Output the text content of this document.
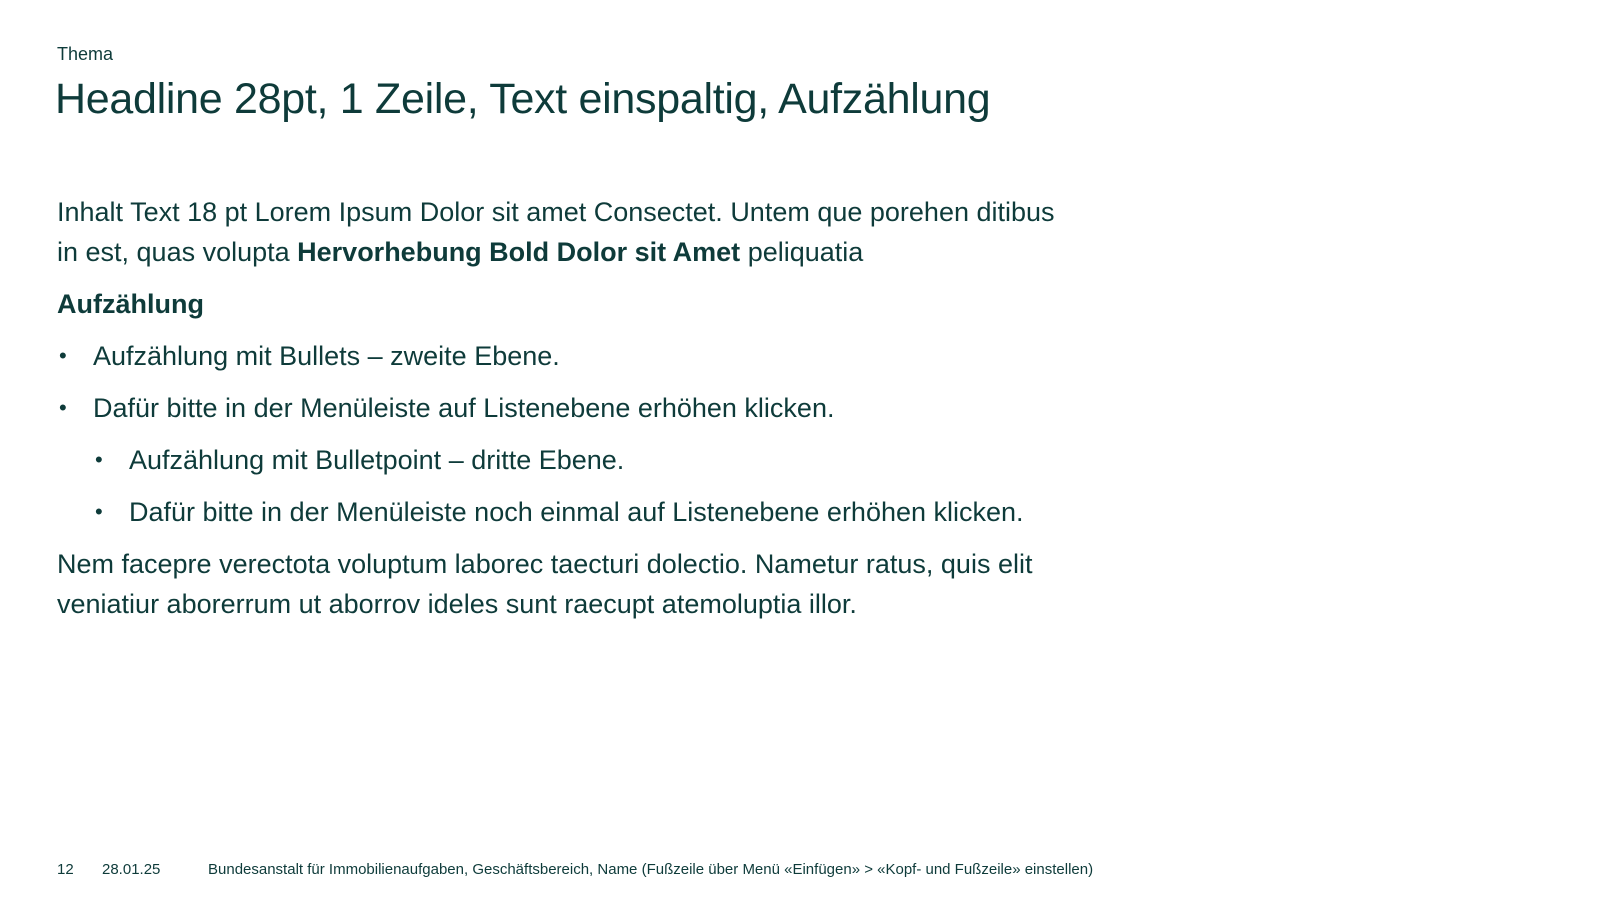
Thema
Headline 28pt, 1 Zeile, Text einspaltig, Aufzählung

Inhalt Text 18 pt Lorem Ipsum Dolor sit amet Consectet. Untem que porehen ditibus in est, quas volupta Hervorhebung Bold Dolor sit Amet peliquatia

Aufzählung

• Aufzählung mit Bullets – zweite Ebene.
• Dafür bitte in der Menüleiste auf Listenebene erhöhen klicken.
• Aufzählung mit Bulletpoint – dritte Ebene.
• Dafür bitte in der Menüleiste noch einmal auf Listenebene erhöhen klicken.

Nem facepre verectota voluptum laborec taecturi dolectio. Nametur ratus, quis elit veniatiur aborerrum ut aborrov ideles sunt raecupt atemoluptia illor.

12 28.01.25	Bundesanstalt für Immobilienaufgaben, Geschäftsbereich, Name (Fußzeile über Menü «Einfügen» > «Kopf- und Fußzeile» einstellen)
